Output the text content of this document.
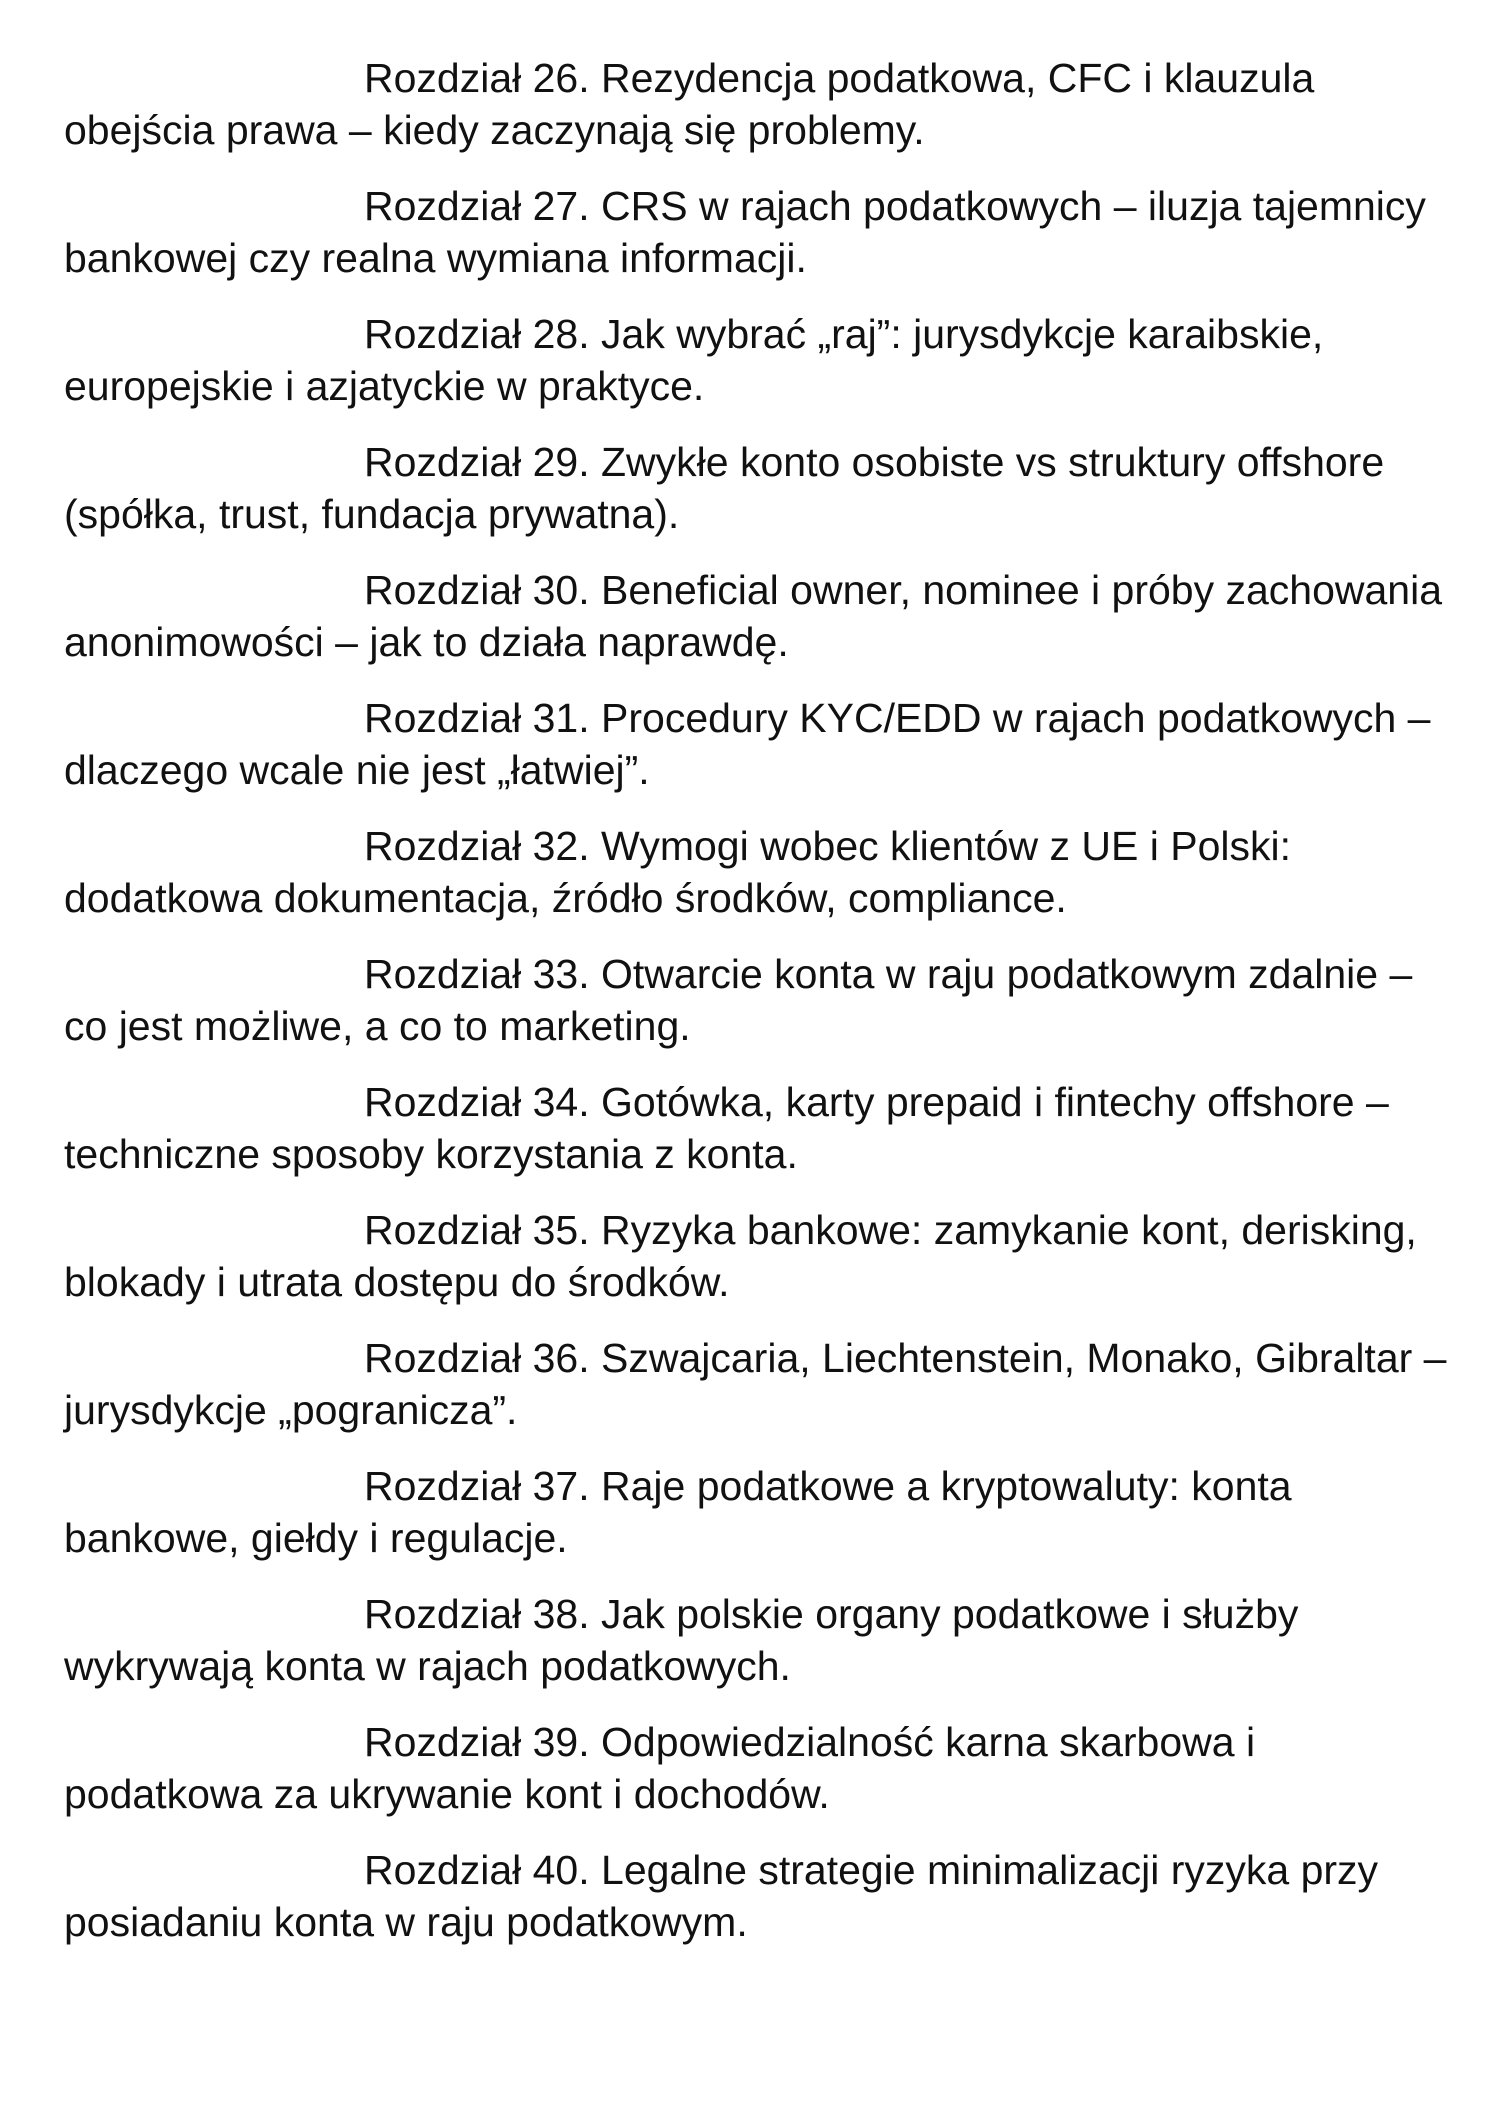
Rozdział 26. Rezydencja podatkowa, CFC i klauzula obejścia prawa – kiedy zaczynają się problemy.
Rozdział 27. CRS w rajach podatkowych – iluzja tajemnicy bankowej czy realna wymiana informacji.
Rozdział 28. Jak wybrać „raj”: jurysdykcje karaibskie, europejskie i azjatyckie w praktyce.
Rozdział 29. Zwykłe konto osobiste vs struktury offshore (spółka, trust, fundacja prywatna).
Rozdział 30. Beneficial owner, nominee i próby zachowania anonimowości – jak to działa naprawdę.
Rozdział 31. Procedury KYC/EDD w rajach podatkowych – dlaczego wcale nie jest „łatwiej”.
Rozdział 32. Wymogi wobec klientów z UE i Polski: dodatkowa dokumentacja, źródło środków, compliance.
Rozdział 33. Otwarcie konta w raju podatkowym zdalnie – co jest możliwe, a co to marketing.
Rozdział 34. Gotówka, karty prepaid i fintechy offshore – techniczne sposoby korzystania z konta.
Rozdział 35. Ryzyka bankowe: zamykanie kont, derisking, blokady i utrata dostępu do środków.
Rozdział 36. Szwajcaria, Liechtenstein, Monako, Gibraltar – jurysdykcje „pogranicza”.
Rozdział 37. Raje podatkowe a kryptowaluty: konta bankowe, giełdy i regulacje.
Rozdział 38. Jak polskie organy podatkowe i służby wykrywają konta w rajach podatkowych.
Rozdział 39. Odpowiedzialność karna skarbowa i podatkowa za ukrywanie kont i dochodów.
Rozdział 40. Legalne strategie minimalizacji ryzyka przy posiadaniu konta w raju podatkowym.
